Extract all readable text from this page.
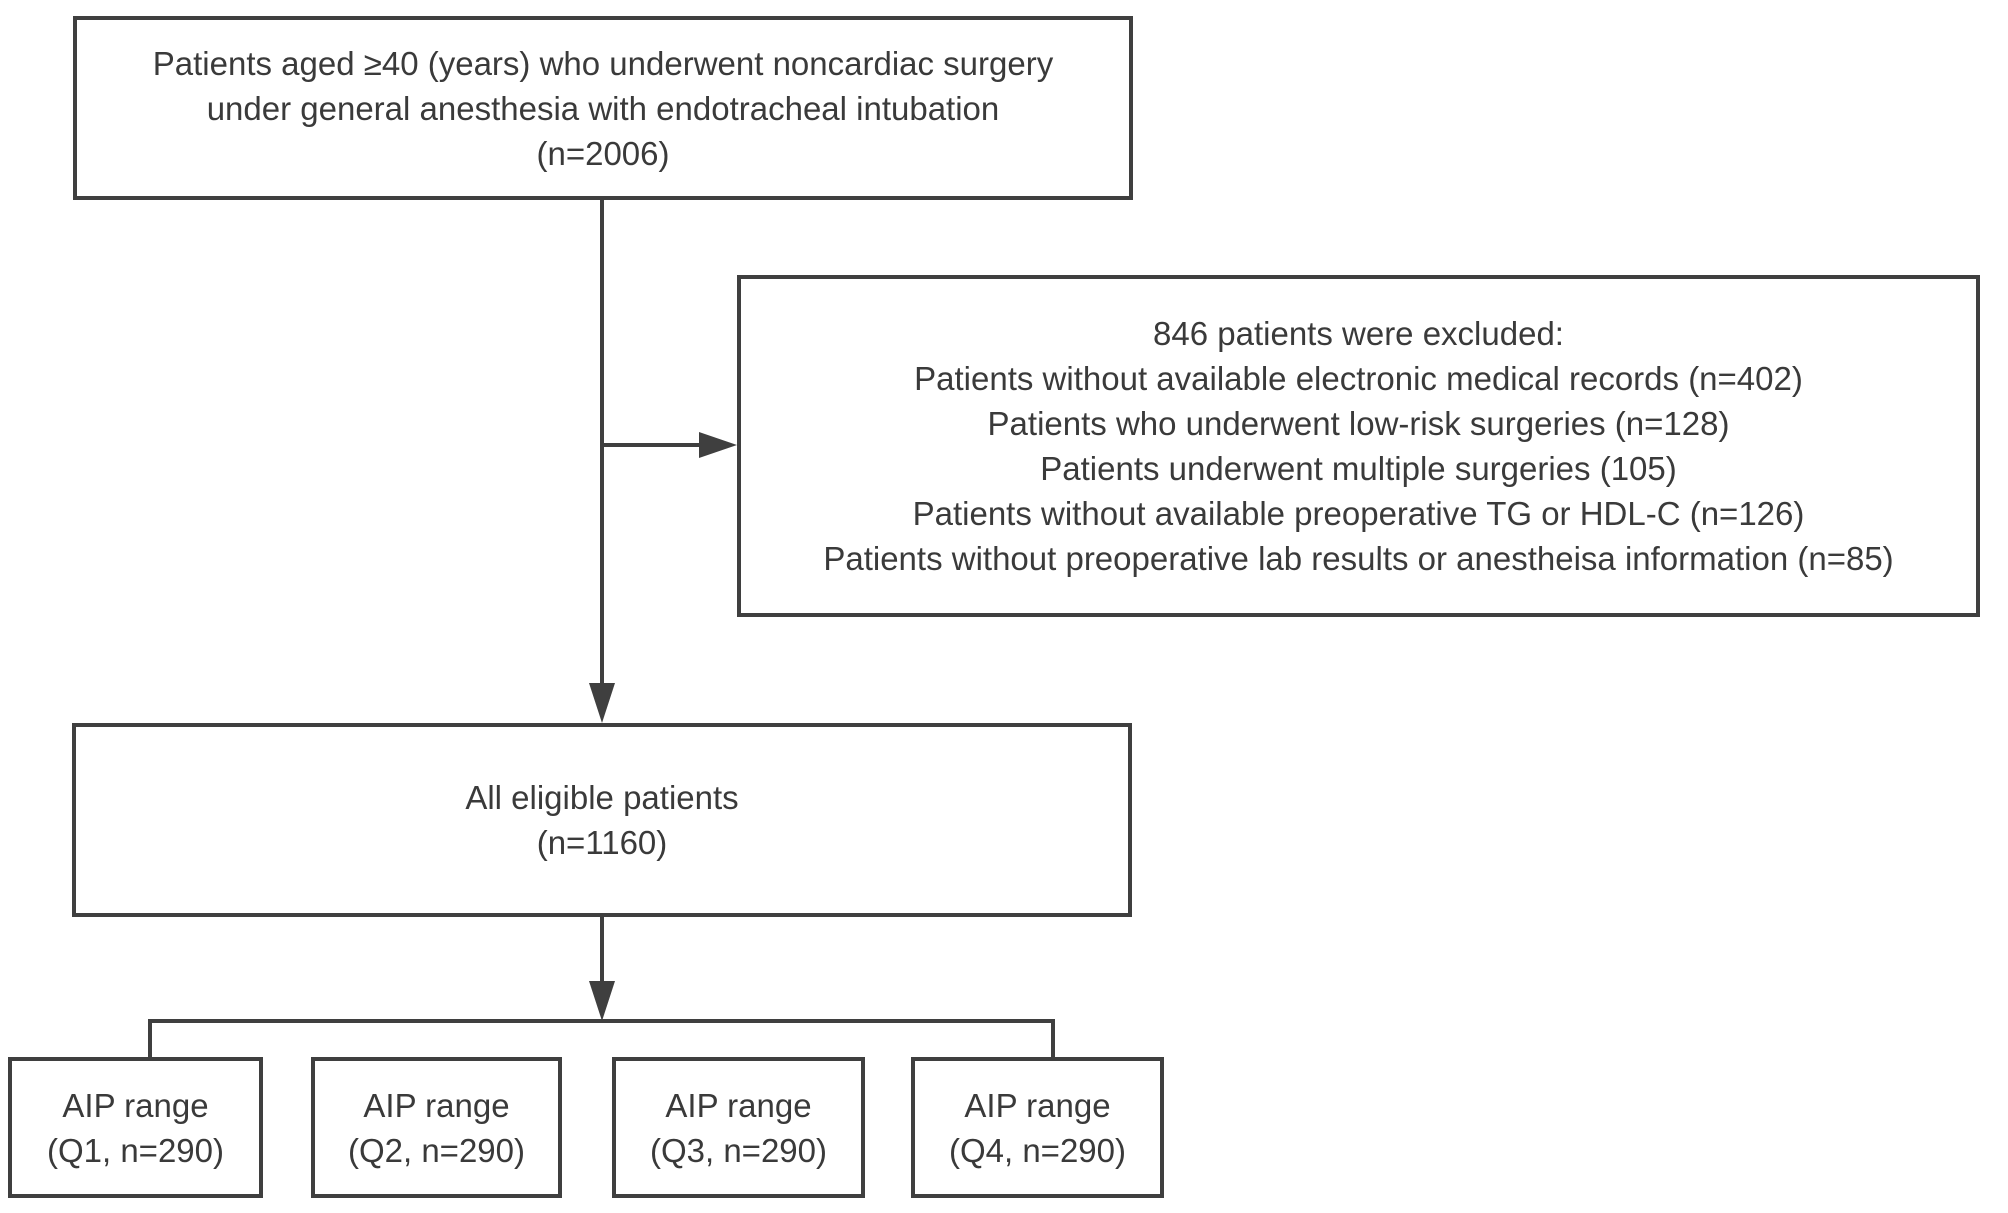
Patients aged ≥40 (years) who underwent noncardiac surgery
under general anesthesia with endotracheal intubation
(n=2006)
846 patients were excluded:
Patients without available electronic medical records (n=402)
Patients who underwent low-risk surgeries (n=128)
Patients underwent multiple surgeries (105)
Patients without available preoperative TG or HDL-C (n=126)
Patients without preoperative lab results or anestheisa information (n=85)
All eligible patients
(n=1160)
AIP range
(Q1, n=290)
AIP range
(Q2, n=290)
AIP range
(Q3, n=290)
AIP range
(Q4, n=290)
